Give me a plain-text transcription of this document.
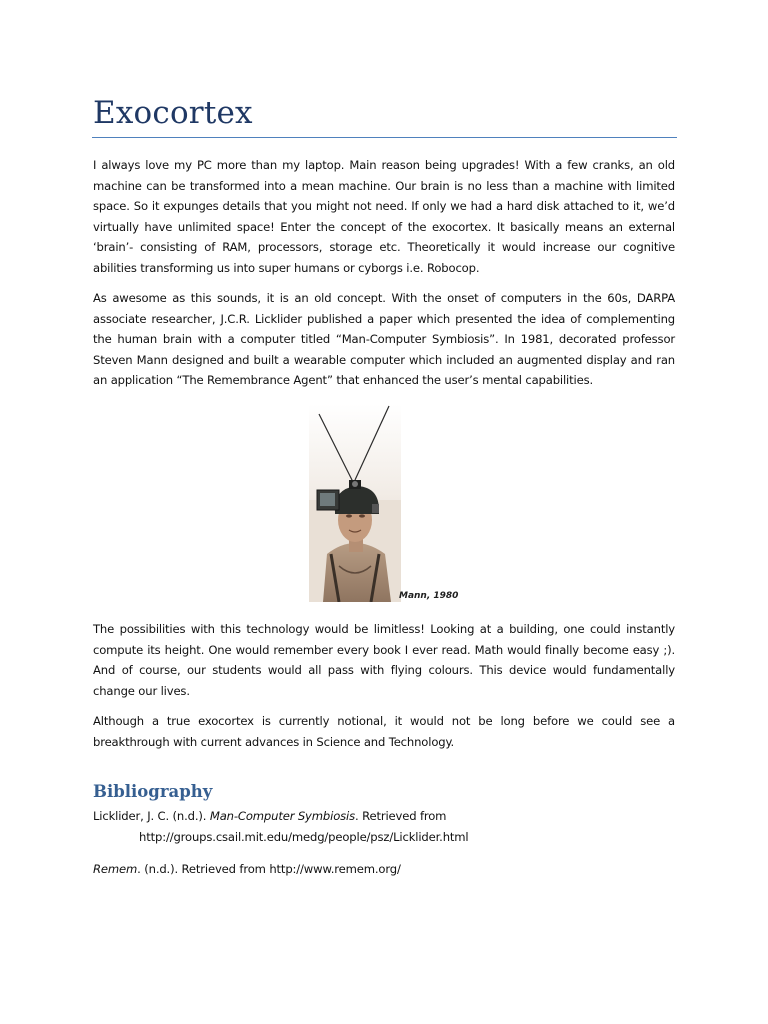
Exocortex

I always love my PC more than my laptop. Main reason being upgrades! With a few cranks, an old machine can be transformed into a mean machine. Our brain is no less than a machine with limited space. So it expunges details that you might not need. If only we had a hard disk attached to it, we’d virtually have unlimited space! Enter the concept of the exocortex. It basically means an external ‘brain’- consisting of RAM, processors, storage etc. Theoretically it would increase our cognitive abilities transforming us into super humans or cyborgs i.e. Robocop.

As awesome as this sounds, it is an old concept. With the onset of computers in the 60s, DARPA associate researcher, J.C.R. Licklider published a paper which presented the idea of complementing the human brain with a computer titled “Man-Computer Symbiosis”. In 1981, decorated professor Steven Mann designed and built a wearable computer which included an augmented display and ran an application “The Remembrance Agent” that enhanced the user’s mental capabilities.

Mann, 1980

The possibilities with this technology would be limitless! Looking at a building, one could instantly compute its height. One would remember every book I ever read. Math would finally become easy ;). And of course, our students would all pass with flying colours. This device would fundamentally change our lives.

Although a true exocortex is currently notional, it would not be long before we could see a breakthrough with current advances in Science and Technology.

Bibliography
Licklider, J. C. (n.d.). Man-Computer Symbiosis. Retrieved from
http://groups.csail.mit.edu/medg/people/psz/Licklider.html
Remem. (n.d.). Retrieved from http://www.remem.org/
